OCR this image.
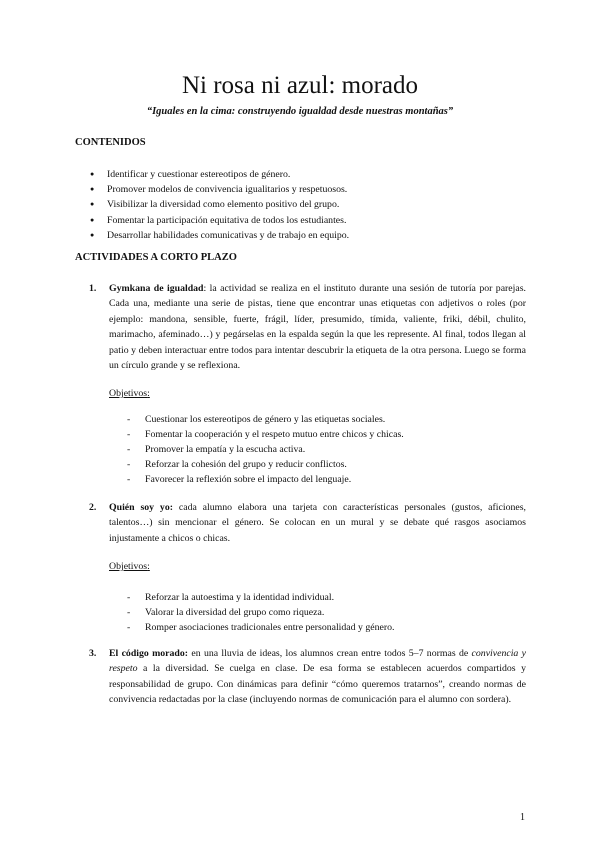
Ni rosa ni azul: morado
“Iguales en la cima: construyendo igualdad desde nuestras montañas”
CONTENIDOS
● Identificar y cuestionar estereotipos de género.
● Promover modelos de convivencia igualitarios y respetuosos.
● Visibilizar la diversidad como elemento positivo del grupo.
● Fomentar la participación equitativa de todos los estudiantes.
● Desarrollar habilidades comunicativas y de trabajo en equipo.
ACTIVIDADES A CORTO PLAZO
1. Gymkana de igualdad: la actividad se realiza en el instituto durante una sesión de tutoría por parejas. Cada una, mediante una serie de pistas, tiene que encontrar unas etiquetas con adjetivos o roles (por ejemplo: mandona, sensible, fuerte, frágil, líder, presumido, tímida, valiente, friki, débil, chulito, marimacho, afeminado…) y pegárselas en la espalda según la que les represente. Al final, todos llegan al patio y deben interactuar entre todos para intentar descubrir la etiqueta de la otra persona. Luego se forma un círculo grande y se reflexiona.
Objetivos:
- Cuestionar los estereotipos de género y las etiquetas sociales.
- Fomentar la cooperación y el respeto mutuo entre chicos y chicas.
- Promover la empatía y la escucha activa.
- Reforzar la cohesión del grupo y reducir conflictos.
- Favorecer la reflexión sobre el impacto del lenguaje.
2. Quién soy yo: cada alumno elabora una tarjeta con características personales (gustos, aficiones, talentos…) sin mencionar el género. Se colocan en un mural y se debate qué rasgos asociamos injustamente a chicos o chicas.
Objetivos:
- Reforzar la autoestima y la identidad individual.
- Valorar la diversidad del grupo como riqueza.
- Romper asociaciones tradicionales entre personalidad y género.
3. El código morado: en una lluvia de ideas, los alumnos crean entre todos 5–7 normas de convivencia y respeto a la diversidad. Se cuelga en clase. De esa forma se establecen acuerdos compartidos y responsabilidad de grupo. Con dinámicas para definir “cómo queremos tratarnos”, creando normas de convivencia redactadas por la clase (incluyendo normas de comunicación para el alumno con sordera).
1
